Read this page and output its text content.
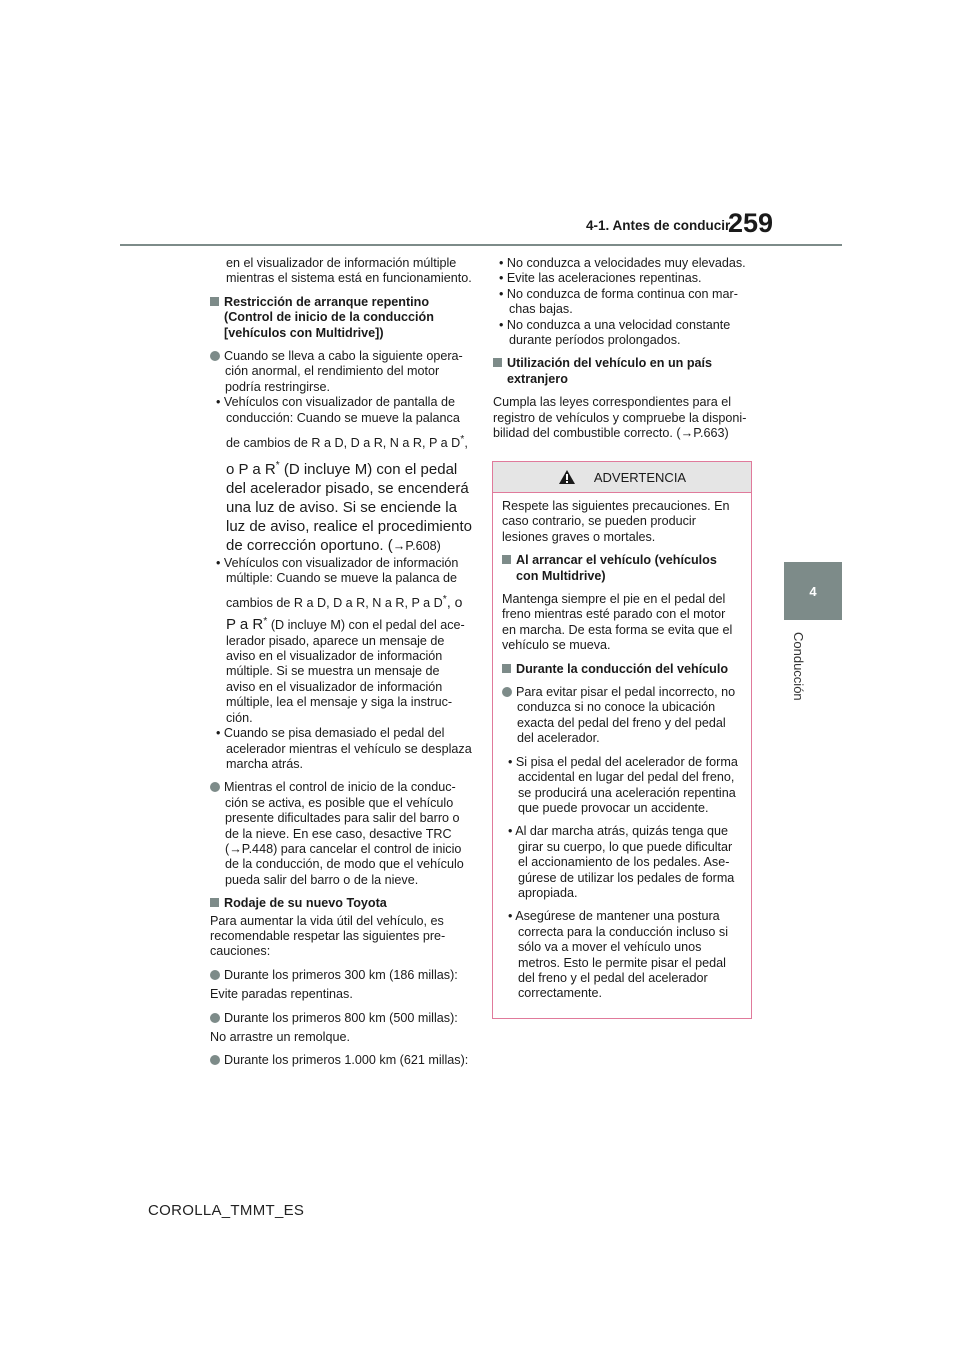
259
4-1. Antes de conducir
4
Conducción

en el visualizador de información múltiple mientras el sistema está en funcionamiento.

Restricción de arranque repentino (Control de inicio de la conducción [vehículos con Multidrive])

Cuando se lleva a cabo la siguiente operación anormal, el rendimiento del motor podría restringirse.

• Vehículos con visualizador de pantalla de conducción: Cuando se mueve la palanca

de cambios de R a D, D a R, N a R, P a D*,

o P a R* (D incluye M) con el pedal del acelerador pisado, se encenderá una luz de aviso. Si se enciende la luz de aviso, realice el procedimiento de corrección oportuno. (→P.608)

• Vehículos con visualizador de información múltiple: Cuando se mueve la palanca de

cambios de R a D, D a R, N a R, P a D*, o

P a R* (D incluye M) con el pedal del acelerador pisado, aparece un mensaje de aviso en el visualizador de información múltiple. Si se muestra un mensaje de aviso en el visualizador de información múltiple, lea el mensaje y siga la instrucción.

• Cuando se pisa demasiado el pedal del acelerador mientras el vehículo se desplaza marcha atrás.

Mientras el control de inicio de la conducción se activa, es posible que el vehículo presente dificultades para salir del barro o de la nieve. En ese caso, desactive TRC (→P.448) para cancelar el control de inicio de la conducción, de modo que el vehículo pueda salir del barro o de la nieve.

Rodaje de su nuevo Toyota

Para aumentar la vida útil del vehículo, es recomendable respetar las siguientes precauciones:

Durante los primeros 300 km (186 millas):

Evite paradas repentinas.

Durante los primeros 800 km (500 millas):

No arrastre un remolque.

Durante los primeros 1.000 km (621 millas):

• No conduzca a velocidades muy elevadas.

• Evite las aceleraciones repentinas.

• No conduzca de forma continua con marchas bajas.

• No conduzca a una velocidad constante durante períodos prolongados.

Utilización del vehículo en un país extranjero

Cumpla las leyes correspondientes para el registro de vehículos y compruebe la disponibilidad del combustible correcto. (→P.663)

ADVERTENCIA

Respete las siguientes precauciones. En caso contrario, se pueden producir lesiones graves o mortales.

Al arrancar el vehículo (vehículos con Multidrive)

Mantenga siempre el pie en el pedal del freno mientras esté parado con el motor en marcha. De esta forma se evita que el vehículo se mueva.

Durante la conducción del vehículo

Para evitar pisar el pedal incorrecto, no conduzca si no conoce la ubicación exacta del pedal del freno y del pedal del acelerador.

• Si pisa el pedal del acelerador de forma accidental en lugar del pedal del freno, se producirá una aceleración repentina que puede provocar un accidente.

• Al dar marcha atrás, quizás tenga que girar su cuerpo, lo que puede dificultar el accionamiento de los pedales. Asegúrese de utilizar los pedales de forma apropiada.

• Asegúrese de mantener una postura correcta para la conducción incluso si sólo va a mover el vehículo unos metros. Esto le permite pisar el pedal del freno y el pedal del acelerador correctamente.

COROLLA_TMMT_ES
